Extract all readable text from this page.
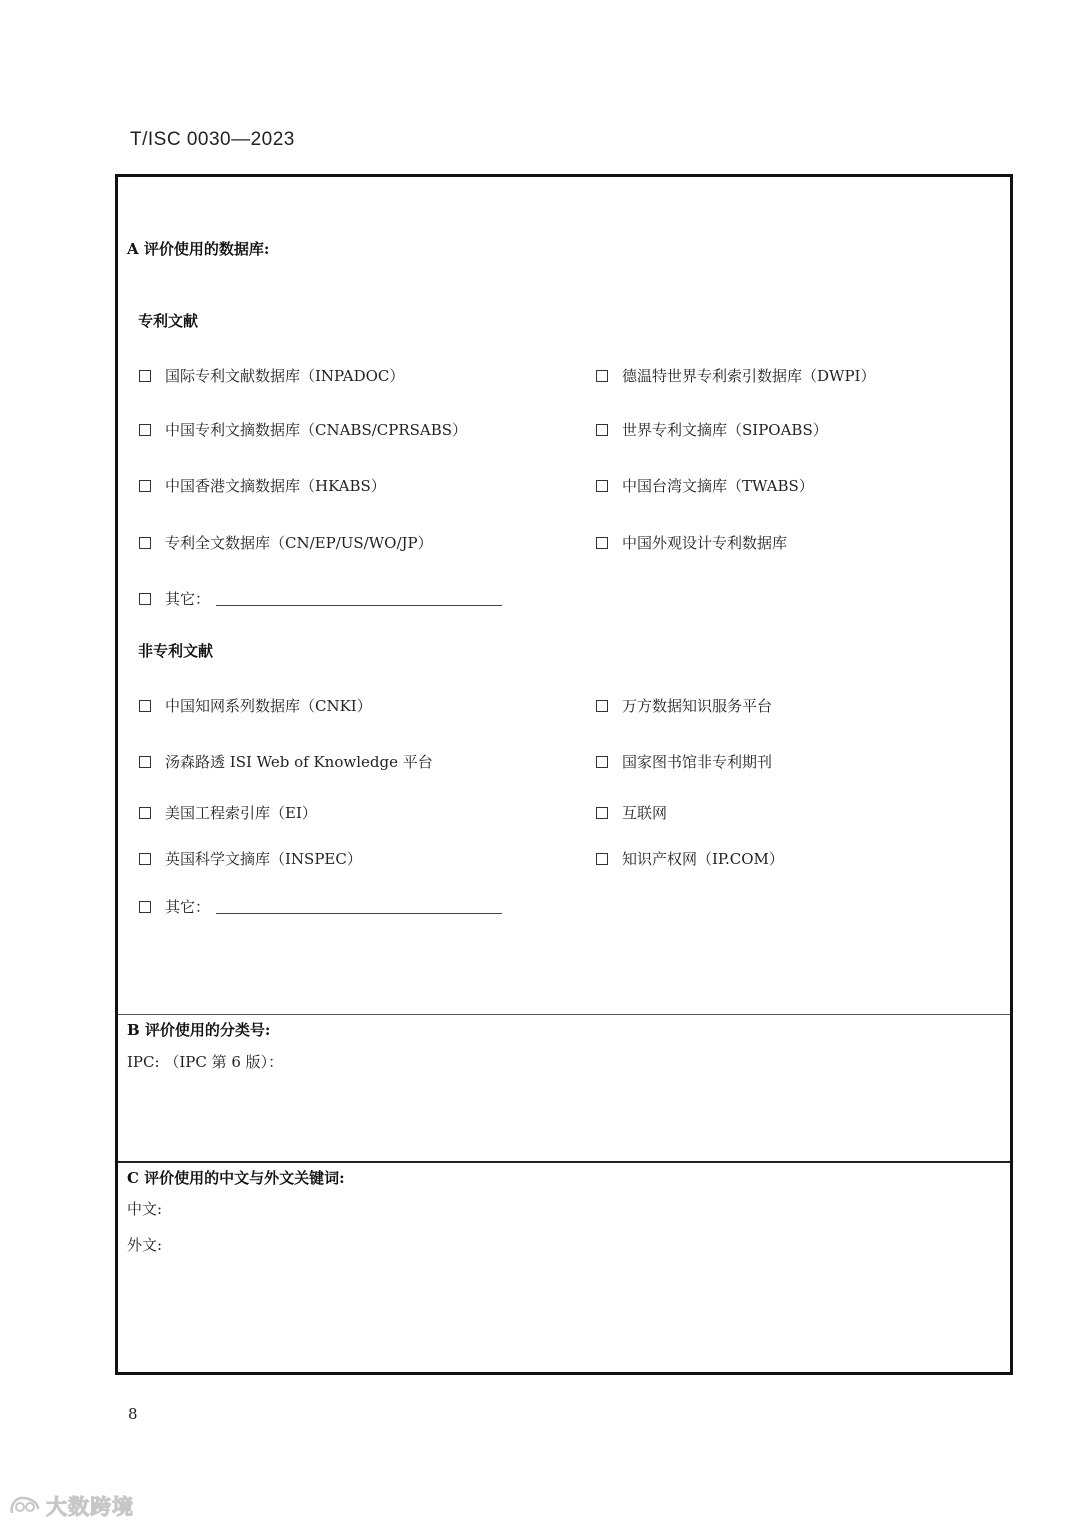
T/ISC 0030—2023
A 评价使用的数据库:
专利文献
国际专利文献数据库（INPADOC）	德温特世界专利索引数据库（DWPI）
中国专利文摘数据库（CNABS/CPRSABS）	世界专利文摘库（SIPOABS）
中国香港文摘数据库（HKABS）	中国台湾文摘库（TWABS）
专利全文数据库（CN/EP/US/WO/JP）	中国外观设计专利数据库
其它：
非专利文献
中国知网系列数据库（CNKI）	万方数据知识服务平台
汤森路透 ISI Web of Knowledge 平台	国家图书馆非专利期刊
美国工程索引库（EI）	互联网
英国科学文摘库（INSPEC）	知识产权网（IP.COM）
其它：
B 评价使用的分类号:
IPC: （IPC 第 6 版）：
C 评价使用的中文与外文关键词:
中文:
外文:
8
大数跨境
